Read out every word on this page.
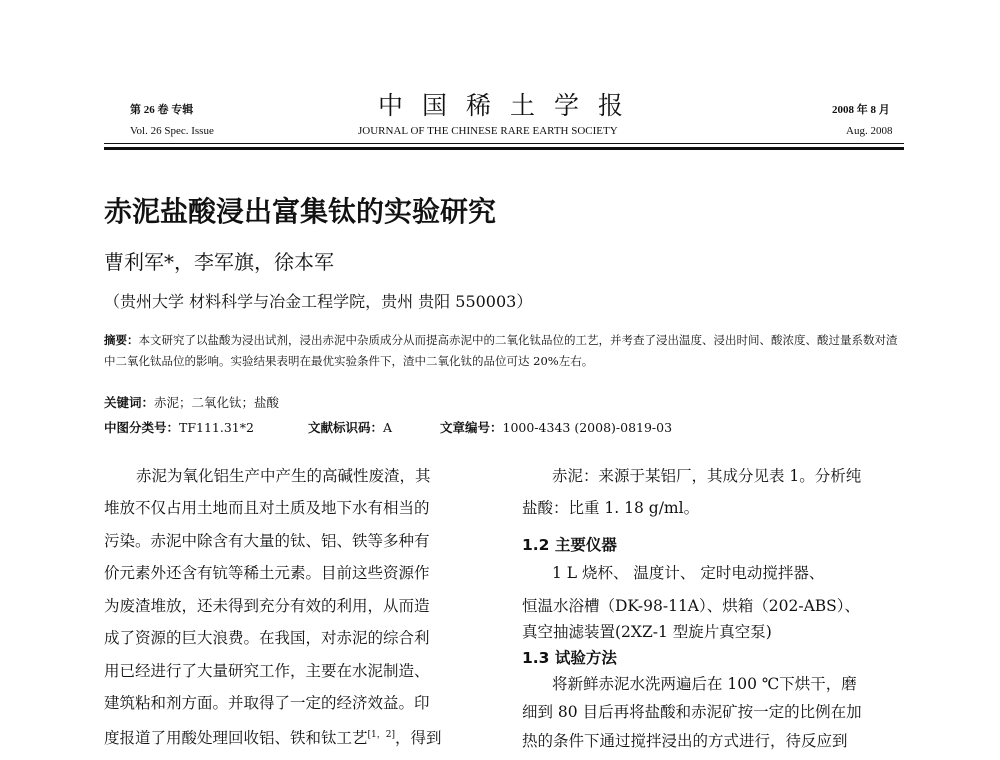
第 26 卷 专辑	中国稀土学报	2008 年 8 月
Vol. 26 Spec. Issue	JOURNAL OF THE CHINESE RARE EARTH SOCIETY	Aug. 2008
赤泥盐酸浸出富集钛的实验研究
曹利军*，李军旗，徐本军
（贵州大学 材料科学与冶金工程学院，贵州 贵阳 550003）
摘要：本文研究了以盐酸为浸出试剂，浸出赤泥中杂质成分从而提高赤泥中的二氧化钛品位的工艺，并考查了浸出温度、浸出时间、酸浓度、酸过量系数对渣中二氧化钛品位的影响。实验结果表明在最优实验条件下，渣中二氧化钛的品位可达 20%左右。
关键词：赤泥；二氧化钛；盐酸
中图分类号：TF111.31*2	文献标识码：A	文章编号：1000-4343 (2008)-0819-03
赤泥为氧化铝生产中产生的高碱性废渣，其
堆放不仅占用土地而且对土质及地下水有相当的
污染。赤泥中除含有大量的钛、铝、铁等多种有
价元素外还含有钪等稀土元素。目前这些资源作
为废渣堆放，还未得到充分有效的利用，从而造
成了资源的巨大浪费。在我国，对赤泥的综合利
用已经进行了大量研究工作，主要在水泥制造、
建筑粘和剂方面。并取得了一定的经济效益。印
度报道了用酸处理回收铝、铁和钛工艺[1，2]，得到
赤泥：来源于某铝厂，其成分见表 1。分析纯
盐酸：比重 1. 18 g/ml。
1.2 主要仪器
1 L 烧杯、 温度计、 定时电动搅拌器、
恒温水浴槽（DK-98-11A）、烘箱（202-ABS）、
真空抽滤装置(2XZ-1 型旋片真空泵)
1.3 试验方法
将新鲜赤泥水洗两遍后在 100 ℃下烘干，磨
细到 80 目后再将盐酸和赤泥矿按一定的比例在加
热的条件下通过搅拌浸出的方式进行，待反应到
